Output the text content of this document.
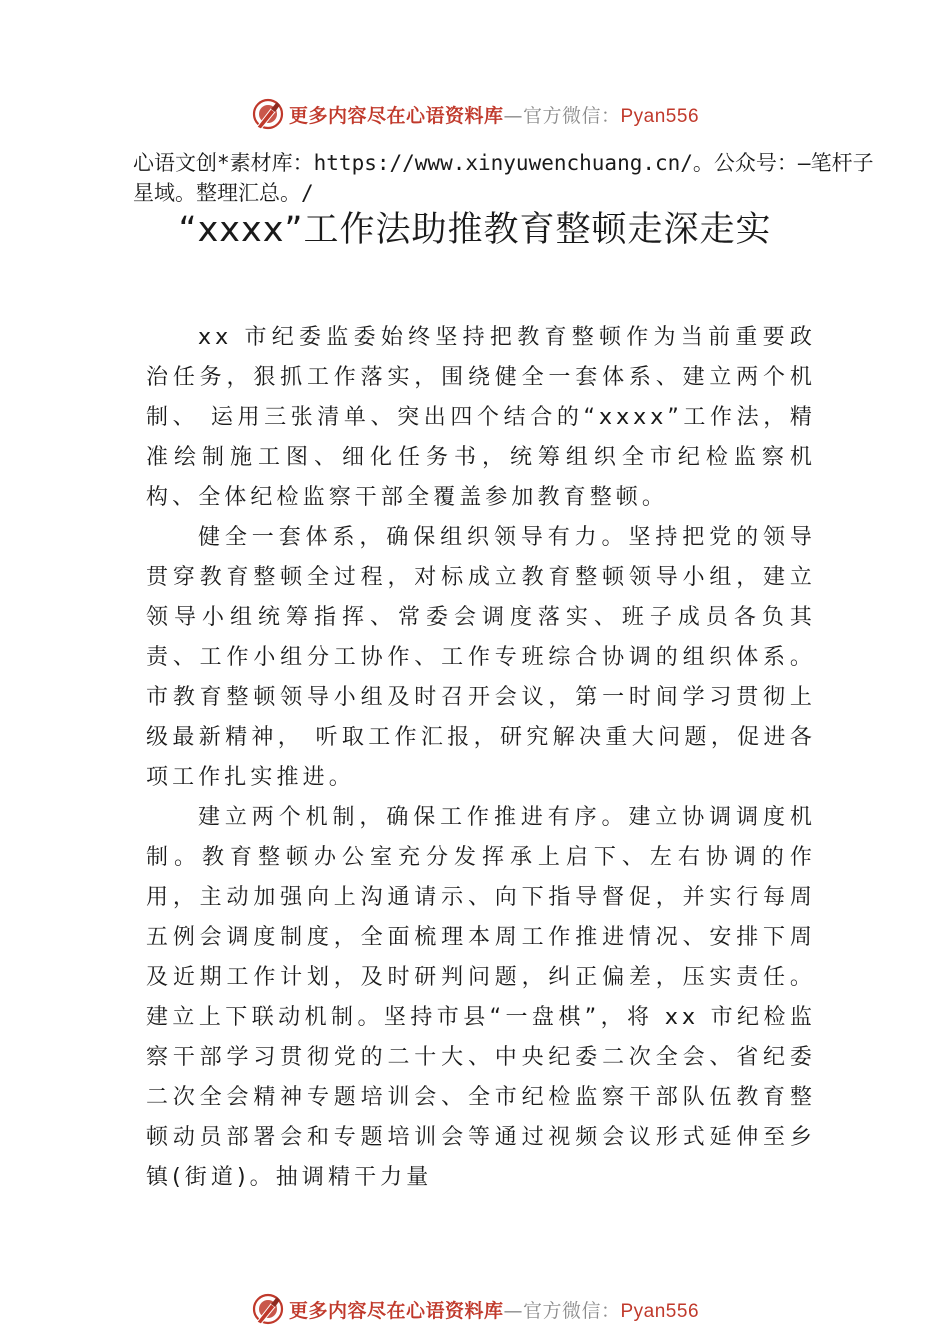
更多内容尽在心语资料库—官方微信：Pyan556
心语文创*素材库：https://www.xinyuwenchuang.cn/。公众号：—笔杆子星域。整理汇总。/
“xxxx”工作法助推教育整顿走深走实

xx 市纪委监委始终坚持把教育整顿作为当前重要政治任务，狠抓工作落实，围绕健全一套体系、建立两个机制、 运用三张清单、突出四个结合的“xxxx”工作法，精准绘制施工图、细化任务书，统筹组织全市纪检监察机构、全体纪检监察干部全覆盖参加教育整顿。

健全一套体系，确保组织领导有力。坚持把党的领导贯穿教育整顿全过程，对标成立教育整顿领导小组，建立领导小组统筹指挥、常委会调度落实、班子成员各负其责、工作小组分工协作、工作专班综合协调的组织体系。市教育整顿领导小组及时召开会议，第一时间学习贯彻上级最新精神， 听取工作汇报，研究解决重大问题，促进各项工作扎实推进。

建立两个机制，确保工作推进有序。建立协调调度机制。教育整顿办公室充分发挥承上启下、左右协调的作用，主动加强向上沟通请示、向下指导督促，并实行每周五例会调度制度，全面梳理本周工作推进情况、安排下周及近期工作计划，及时研判问题，纠正偏差，压实责任。建立上下联动机制。坚持市县“一盘棋”，将 xx 市纪检监察干部学习贯彻党的二十大、中央纪委二次全会、省纪委二次全会精神专题培训会、全市纪检监察干部队伍教育整顿动员部署会和专题培训会等通过视频会议形式延伸至乡镇(街道)。抽调精干力量

更多内容尽在心语资料库—官方微信：Pyan556
